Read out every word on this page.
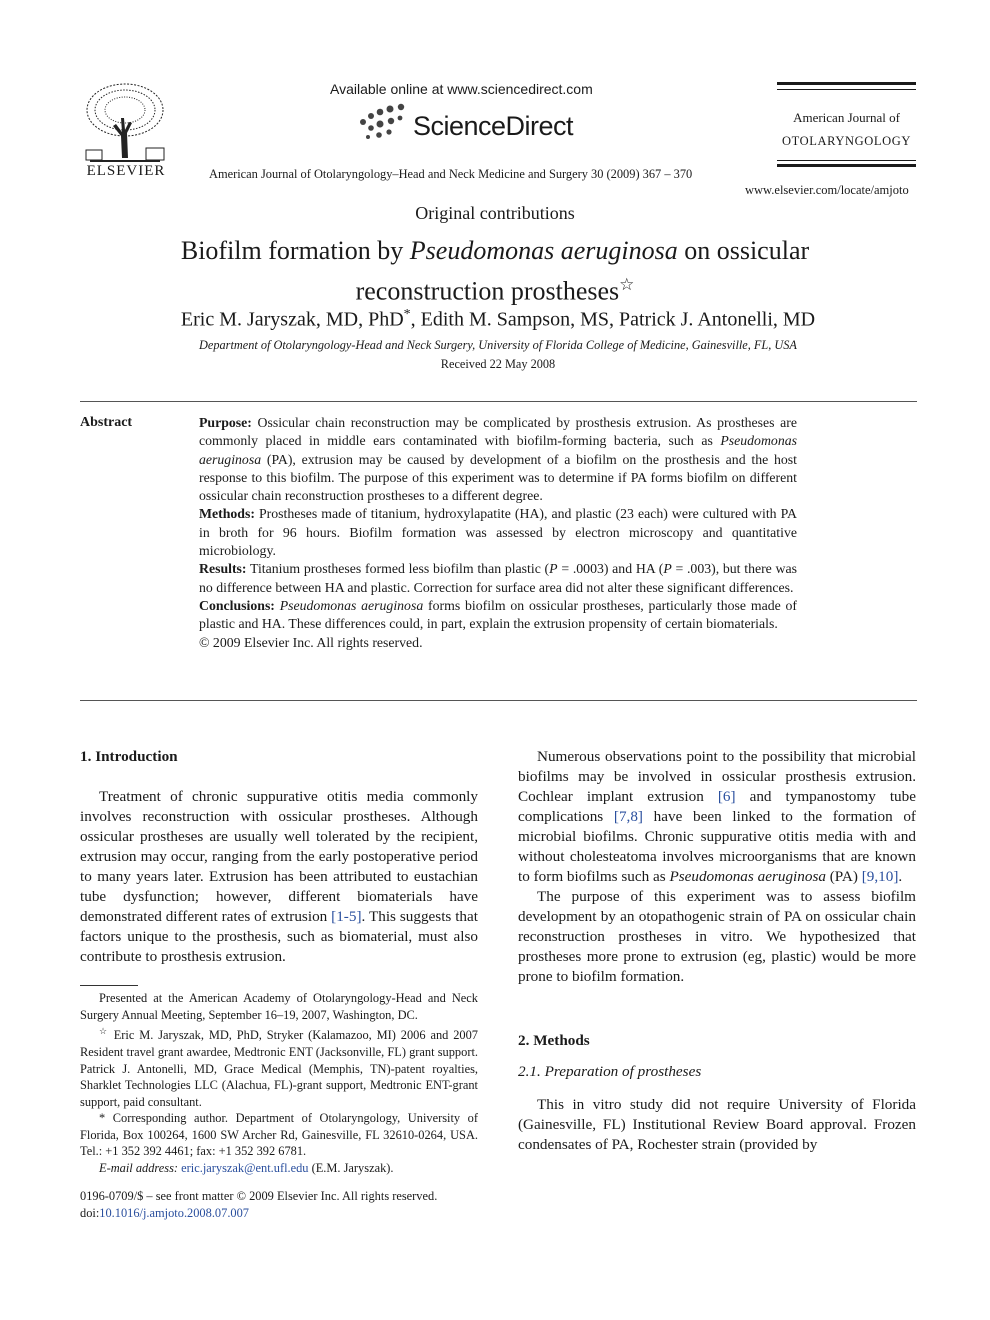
ELSEVIER
Available online at www.sciencedirect.com
ScienceDirect
American Journal of Otolaryngology–Head and Neck Medicine and Surgery 30 (2009) 367 – 370
American Journal of
OTOLARYNGOLOGY
www.elsevier.com/locate/amjoto
Original contributions
Biofilm formation by Pseudomonas aeruginosa on ossicular
reconstruction prostheses☆
Eric M. Jaryszak, MD, PhD*, Edith M. Sampson, MS, Patrick J. Antonelli, MD
Department of Otolaryngology-Head and Neck Surgery, University of Florida College of Medicine, Gainesville, FL, USA
Received 22 May 2008
Abstract	Purpose: Ossicular chain reconstruction may be complicated by prosthesis extrusion. As prostheses are commonly placed in middle ears contaminated with biofilm-forming bacteria, such as Pseudomonas aeruginosa (PA), extrusion may be caused by development of a biofilm on the prosthesis and the host response to this biofilm. The purpose of this experiment was to determine if PA forms biofilm on different ossicular chain reconstruction prostheses to a different degree.

Methods: Prostheses made of titanium, hydroxylapatite (HA), and plastic (23 each) were cultured with PA in broth for 96 hours. Biofilm formation was assessed by electron microscopy and quantitative microbiology.

Results: Titanium prostheses formed less biofilm than plastic (P = .0003) and HA (P = .003), but there was no difference between HA and plastic. Correction for surface area did not alter these significant differences.

Conclusions: Pseudomonas aeruginosa forms biofilm on ossicular prostheses, particularly those made of plastic and HA. These differences could, in part, explain the extrusion propensity of certain biomaterials.

© 2009 Elsevier Inc. All rights reserved.

1. Introduction

Treatment of chronic suppurative otitis media commonly involves reconstruction with ossicular prostheses. Although ossicular prostheses are usually well tolerated by the recipient, extrusion may occur, ranging from the early postoperative period to many years later. Extrusion has been attributed to eustachian tube dysfunction; however, different biomaterials have demonstrated different rates of extrusion [1-5]. This suggests that factors unique to the prosthesis, such as biomaterial, must also contribute to prosthesis extrusion.

Presented at the American Academy of Otolaryngology-Head and Neck Surgery Annual Meeting, September 16–19, 2007, Washington, DC.

☆ Eric M. Jaryszak, MD, PhD, Stryker (Kalamazoo, MI) 2006 and 2007 Resident travel grant awardee, Medtronic ENT (Jacksonville, FL) grant support. Patrick J. Antonelli, MD, Grace Medical (Memphis, TN)-patent royalties, Sharklet Technologies LLC (Alachua, FL)-grant support, Medtronic ENT-grant support, paid consultant.

* Corresponding author. Department of Otolaryngology, University of Florida, Box 100264, 1600 SW Archer Rd, Gainesville, FL 32610-0264, USA. Tel.: +1 352 392 4461; fax: +1 352 392 6781.

E-mail address: eric.jaryszak@ent.ufl.edu (E.M. Jaryszak).

0196-0709/$ – see front matter © 2009 Elsevier Inc. All rights reserved.
doi:10.1016/j.amjoto.2008.07.007

Numerous observations point to the possibility that microbial biofilms may be involved in ossicular prosthesis extrusion. Cochlear implant extrusion [6] and tympanostomy tube complications [7,8] have been linked to the formation of microbial biofilms. Chronic suppurative otitis media with and without cholesteatoma involves microorganisms that are known to form biofilms such as Pseudomonas aeruginosa (PA) [9,10].

The purpose of this experiment was to assess biofilm development by an otopathogenic strain of PA on ossicular chain reconstruction prostheses in vitro. We hypothesized that prostheses more prone to extrusion (eg, plastic) would be more prone to biofilm formation.

2. Methods
2.1. Preparation of prostheses

This in vitro study did not require University of Florida (Gainesville, FL) Institutional Review Board approval. Frozen condensates of PA, Rochester strain (provided by
